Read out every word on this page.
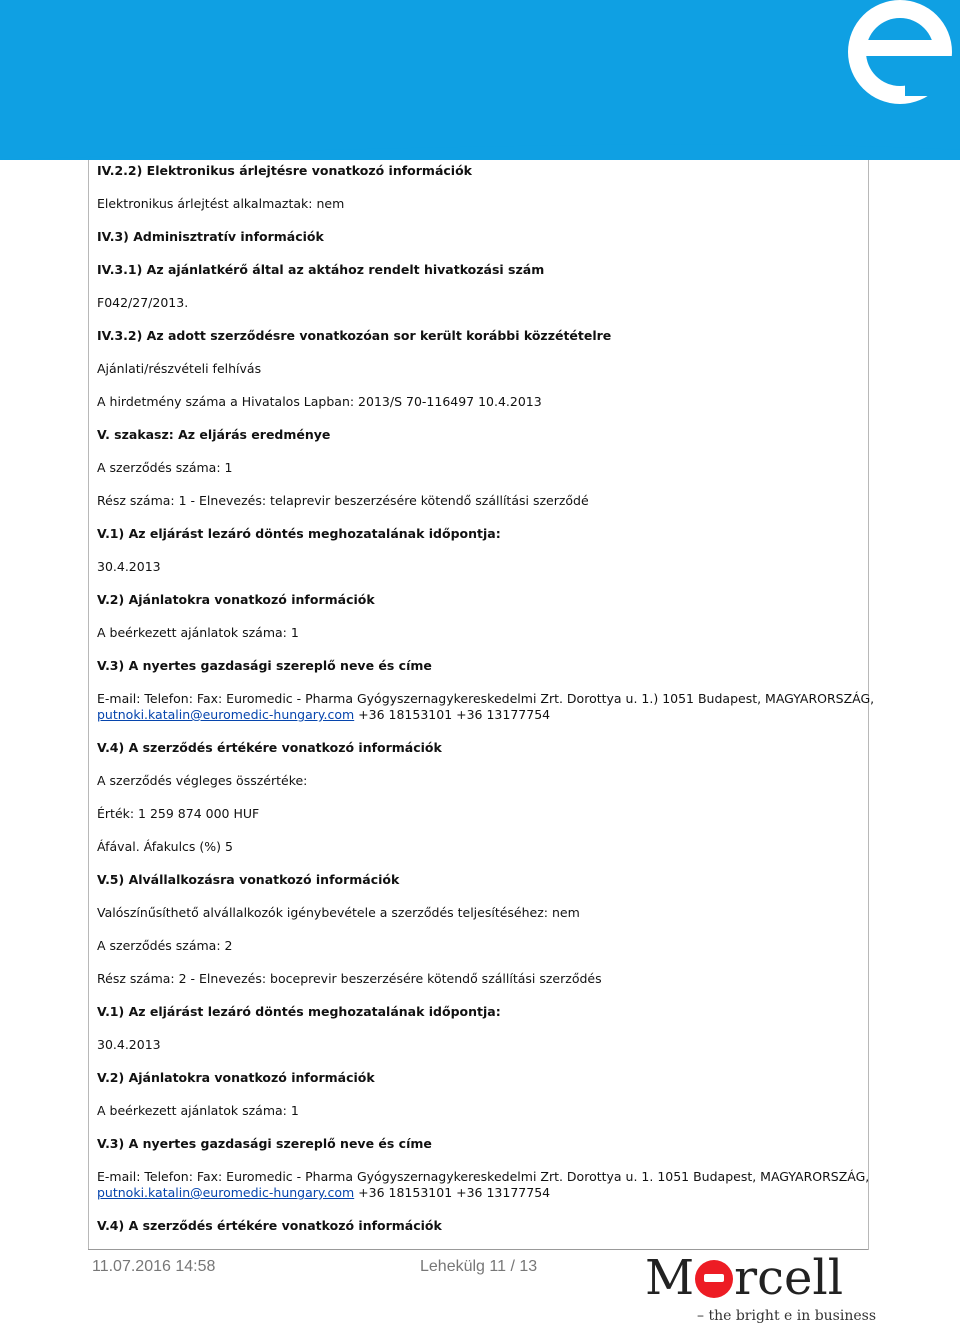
IV.2.2) Elektronikus árlejtésre vonatkozó információk
Elektronikus árlejtést alkalmaztak: nem
IV.3) Adminisztratív információk
IV.3.1) Az ajánlatkérő által az aktához rendelt hivatkozási szám
F042/27/2013.
IV.3.2) Az adott szerződésre vonatkozóan sor került korábbi közzétételre
Ajánlati/részvételi felhívás
A hirdetmény száma a Hivatalos Lapban: 2013/S 70-116497 10.4.2013
V. szakasz: Az eljárás eredménye
A szerződés száma: 1
Rész száma: 1 - Elnevezés: telaprevir beszerzésére kötendő szállítási szerződé
V.1) Az eljárást lezáró döntés meghozatalának időpontja:
30.4.2013
V.2) Ajánlatokra vonatkozó információk
A beérkezett ajánlatok száma: 1
V.3) A nyertes gazdasági szereplő neve és címe
E-mail: Telefon: Fax: Euromedic - Pharma Gyógyszernagykereskedelmi Zrt. Dorottya u. 1.) 1051 Budapest, MAGYARORSZÁG,
putnoki.katalin@euromedic-hungary.com +36 18153101 +36 13177754
V.4) A szerződés értékére vonatkozó információk
A szerződés végleges összértéke:
Érték: 1 259 874 000 HUF
Áfával. Áfakulcs (%) 5
V.5) Alvállalkozásra vonatkozó információk
Valószínűsíthető alvállalkozók igénybevétele a szerződés teljesítéséhez: nem
A szerződés száma: 2
Rész száma: 2 - Elnevezés: boceprevir beszerzésére kötendő szállítási szerződés
V.1) Az eljárást lezáró döntés meghozatalának időpontja:
30.4.2013
V.2) Ajánlatokra vonatkozó információk
A beérkezett ajánlatok száma: 1
V.3) A nyertes gazdasági szereplő neve és címe
E-mail: Telefon: Fax: Euromedic - Pharma Gyógyszernagykereskedelmi Zrt. Dorottya u. 1. 1051 Budapest, MAGYARORSZÁG,
putnoki.katalin@euromedic-hungary.com +36 18153101 +36 13177754
V.4) A szerződés értékére vonatkozó információk
11.07.2016 14:58	Lehekülg 11 / 13 M rcell
– the bright e in business
